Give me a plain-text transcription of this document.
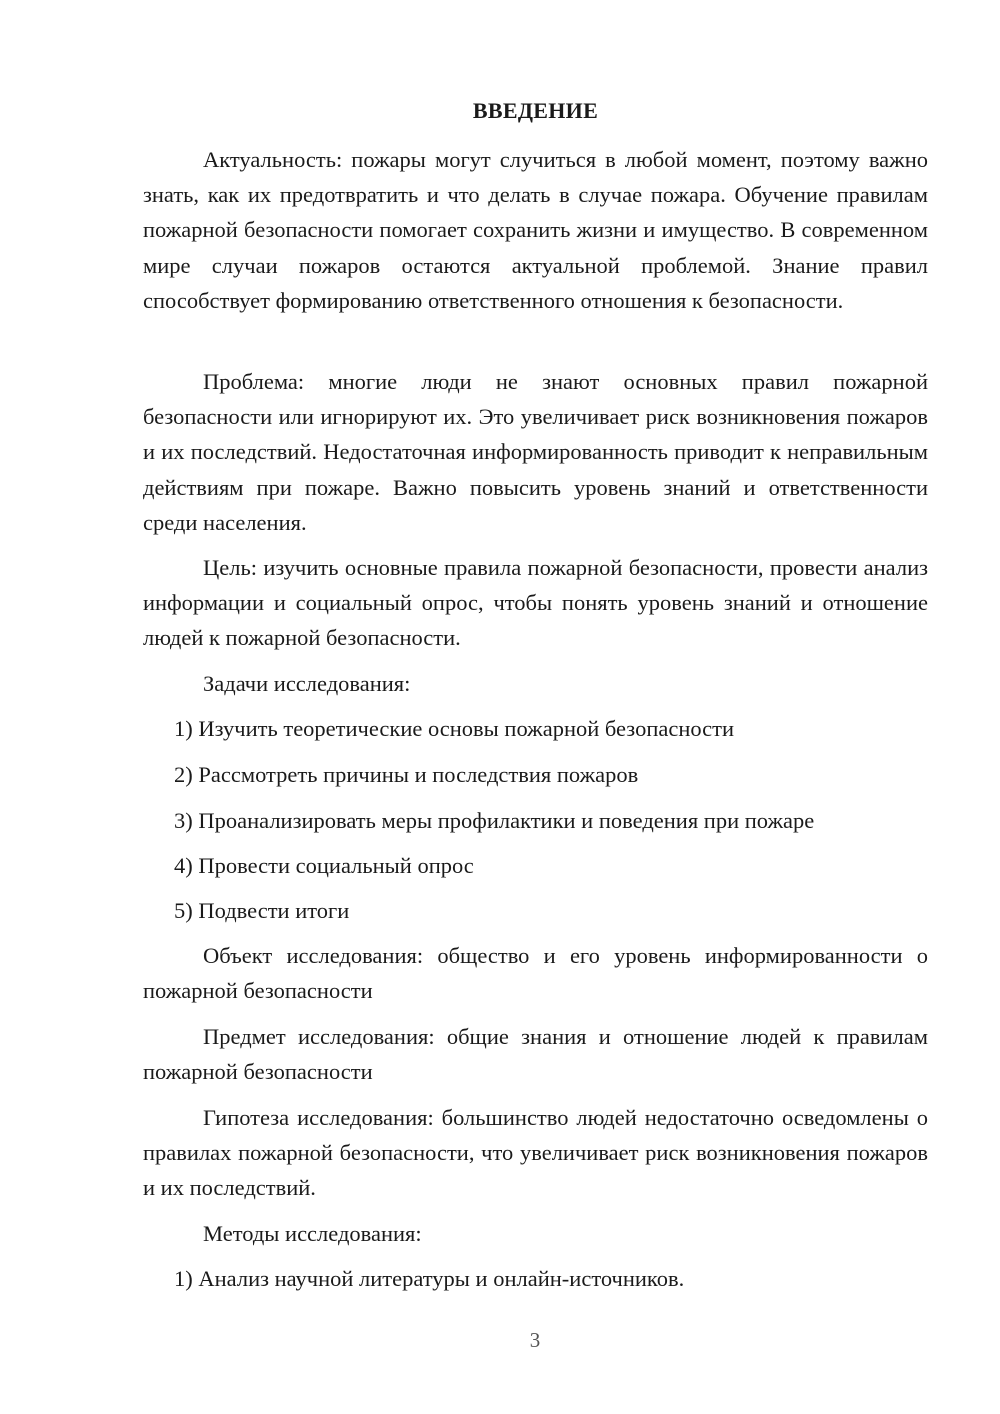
ВВЕДЕНИЕ

Актуальность: пожары могут случиться в любой момент, поэтому важно знать, как их предотвратить и что делать в случае пожара. Обучение правилам пожарной безопасности помогает сохранить жизни и имущество. В современном мире случаи пожаров остаются актуальной проблемой. Знание правил способствует формированию ответственного отношения к безопасности.

Проблема: многие люди не знают основных правил пожарной безопасности или игнорируют их. Это увеличивает риск возникновения пожаров и их последствий. Недостаточная информированность приводит к неправильным действиям при пожаре. Важно повысить уровень знаний и ответственности среди населения.

Цель: изучить основные правила пожарной безопасности, провести анализ информации и социальный опрос, чтобы понять уровень знаний и отношение людей к пожарной безопасности.

Задачи исследования:

1) Изучить теоретические основы пожарной безопасности

2) Рассмотреть причины и последствия пожаров

3) Проанализировать меры профилактики и поведения при пожаре

4) Провести социальный опрос

5) Подвести итоги

Объект исследования: общество и его уровень информированности о пожарной безопасности

Предмет исследования: общие знания и отношение людей к правилам пожарной безопасности

Гипотеза исследования: большинство людей недостаточно осведомлены о правилах пожарной безопасности, что увеличивает риск возникновения пожаров и их последствий.

Методы исследования:

1) Анализ научной литературы и онлайн-источников.

3
